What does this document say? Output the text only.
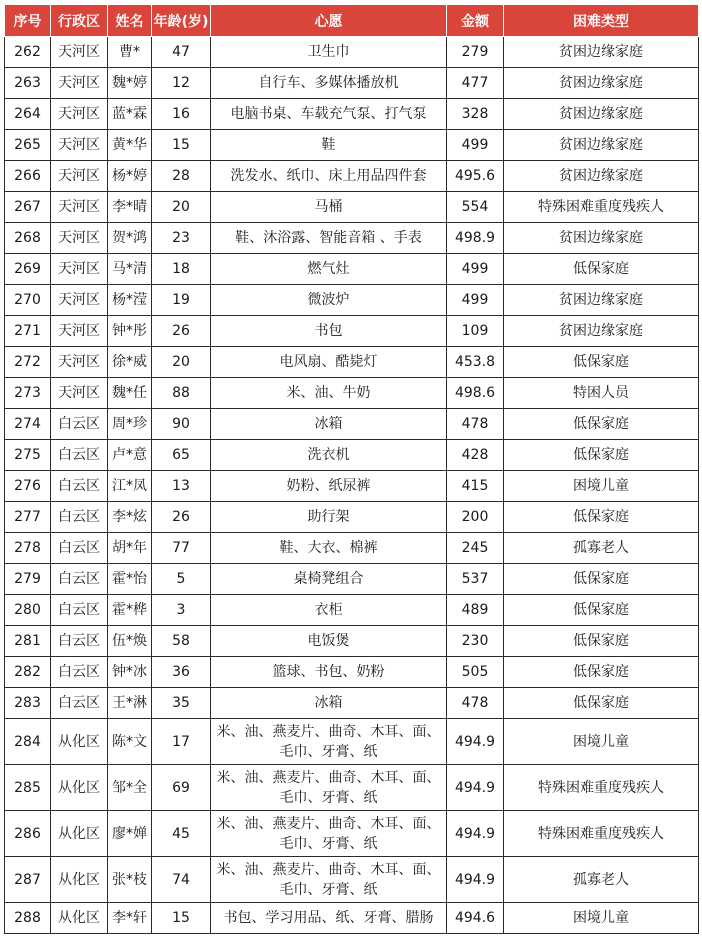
序号	行政区	姓名	年龄(岁)	心愿	金额	困难类型
262	天河区	曹*	47	卫生巾	279	贫困边缘家庭
263	天河区	魏*婷	12	自行车、多媒体播放机	477	贫困边缘家庭
264	天河区	蓝*霖	16	电脑书桌、车载充气泵、打气泵	328	贫困边缘家庭
265	天河区	黄*华	15	鞋	499	贫困边缘家庭
266	天河区	杨*婷	28	洗发水、纸巾、床上用品四件套	495.6	贫困边缘家庭
267	天河区	李*晴	20	马桶	554	特殊困难重度残疾人
268	天河区	贺*鸿	23	鞋、沐浴露、智能音箱 、手表	498.9	贫困边缘家庭
269	天河区	马*清	18	燃气灶	499	低保家庭
270	天河区	杨*滢	19	微波炉	499	贫困边缘家庭
271	天河区	钟*彤	26	书包	109	贫困边缘家庭
272	天河区	徐*威	20	电风扇、酷毙灯	453.8	低保家庭
273	天河区	魏*任	88	米、油、牛奶	498.6	特困人员
274	白云区	周*珍	90	冰箱	478	低保家庭
275	白云区	卢*意	65	洗衣机	428	低保家庭
276	白云区	江*凤	13	奶粉、纸尿裤	415	困境儿童
277	白云区	李*炫	26	助行架	200	低保家庭
278	白云区	胡*年	77	鞋、大衣、棉裤	245	孤寡老人
279	白云区	霍*怡	5	桌椅凳组合	537	低保家庭
280	白云区	霍*桦	3	衣柜	489	低保家庭
281	白云区	伍*焕	58	电饭煲	230	低保家庭
282	白云区	钟*冰	36	篮球、书包、奶粉	505	低保家庭
283	白云区	王*淋	35	冰箱	478	低保家庭
284	从化区	陈*文	17	米、油、燕麦片、曲奇、木耳、面、毛巾、牙膏、纸	494.9	困境儿童
285	从化区	邹*全	69	米、油、燕麦片、曲奇、木耳、面、毛巾、牙膏、纸	494.9	特殊困难重度残疾人
286	从化区	廖*婵	45	米、油、燕麦片、曲奇、木耳、面、毛巾、牙膏、纸	494.9	特殊困难重度残疾人
287	从化区	张*枝	74	米、油、燕麦片、曲奇、木耳、面、毛巾、牙膏、纸	494.9	孤寡老人
288	从化区	李*轩	15	书包、学习用品、纸、牙膏、腊肠	494.6	困境儿童
